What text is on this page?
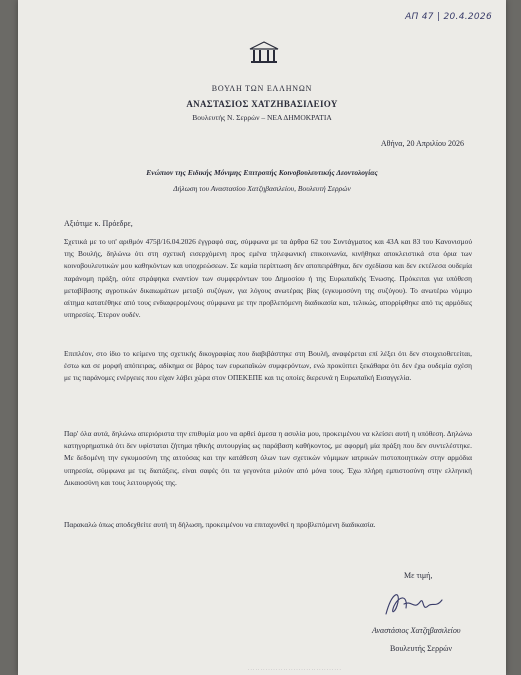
ΑΠ 47 | 20.4.2026
ΒΟΥΛΗ ΤΩΝ ΕΛΛΗΝΩΝ
ΑΝΑΣΤΑΣΙΟΣ ΧΑΤΖΗΒΑΣΙΛΕΙΟΥ
Βουλευτής Ν. Σερρών – ΝΕΑ ΔΗΜΟΚΡΑΤΙΑ
Αθήνα, 20 Απριλίου 2026
Ενώπιον της Ειδικής Μόνιμης Επιτροπής Κοινοβουλευτικής Δεοντολογίας
Δήλωση του Αναστασίου Χατζηβασιλείου, Βουλευτή Σερρών
Αξιότιμε κ. Πρόεδρε,

Σχετικά με το υπ' αριθμόν 475β/16.04.2026 έγγραφό σας, σύμφωνα με τα άρθρα 62 του Συντάγματος και 43Α και 83 του Κανονισμού της Βουλής, δηλώνω ότι στη σχετική εισερχόμενη προς εμένα τηλεφωνική επικοινωνία, κινήθηκα αποκλειστικά στα όρια των κοινοβουλευτικών μου καθηκόντων και υποχρεώσεων. Σε καμία περίπτωση δεν αποπειράθηκα, δεν σχεδίασα και δεν εκτέλεσα ουδεμία παράνομη πράξη, ούτε στράφηκα εναντίον των συμφερόντων του Δημοσίου ή της Ευρωπαϊκής Ένωσης. Πρόκειται για υπόθεση μεταβίβασης αγροτικών δικαιωμάτων μεταξύ συζύγων, για λόγους ανωτέρας βίας (εγκυμοσύνη της συζύγου). Το ανωτέρω νόμιμο αίτημα κατατέθηκε από τους ενδιαφερομένους σύμφωνα με την προβλεπόμενη διαδικασία και, τελικώς, απορρίφθηκε από τις αρμόδιες υπηρεσίες. Έτερον ουδέν.

Επιπλέον, στο ίδιο το κείμενο της σχετικής δικογραφίας που διαβιβάστηκε στη Βουλή, αναφέρεται επί λέξει ότι δεν στοιχειοθετείται, έστω και σε μορφή απόπειρας, αδίκημα σε βάρος των ευρωπαϊκών συμφερόντων, ενώ προκύπτει ξεκάθαρα ότι δεν έχω ουδεμία σχέση με τις παράνομες ενέργειες που είχαν λάβει χώρα στον ΟΠΕΚΕΠΕ και τις οποίες διερευνά η Ευρωπαϊκή Εισαγγελία.

Παρ' όλα αυτά, δηλώνω απεριόριστα την επιθυμία μου να αρθεί άμεσα η ασυλία μου, προκειμένου να κλείσει αυτή η υπόθεση. Δηλώνω κατηγορηματικά ότι δεν υφίσταται ζήτημα ηθικής αυτουργίας ως παράβαση καθήκοντος, με αφορμή μία πράξη που δεν συντελέστηκε. Με δεδομένη την εγκυμοσύνη της αιτούσας και την κατάθεση όλων των σχετικών νόμιμων ιατρικών πιστοποιητικών στην αρμόδια υπηρεσία, σύμφωνα με τις διατάξεις, είναι σαφές ότι τα γεγονότα μιλούν από μόνα τους. Έχω πλήρη εμπιστοσύνη στην ελληνική Δικαιοσύνη και τους λειτουργούς της.

Παρακαλώ όπως αποδεχθείτε αυτή τη δήλωση, προκειμένου να επιταχυνθεί η προβλεπόμενη διαδικασία.

Με τιμή,
Αναστάσιος Χατζηβασιλείου
Βουλευτής Σερρών
· · · · · · · · · · · · · · · · · · · · · · · · · · · · · · · · · · · · ·
